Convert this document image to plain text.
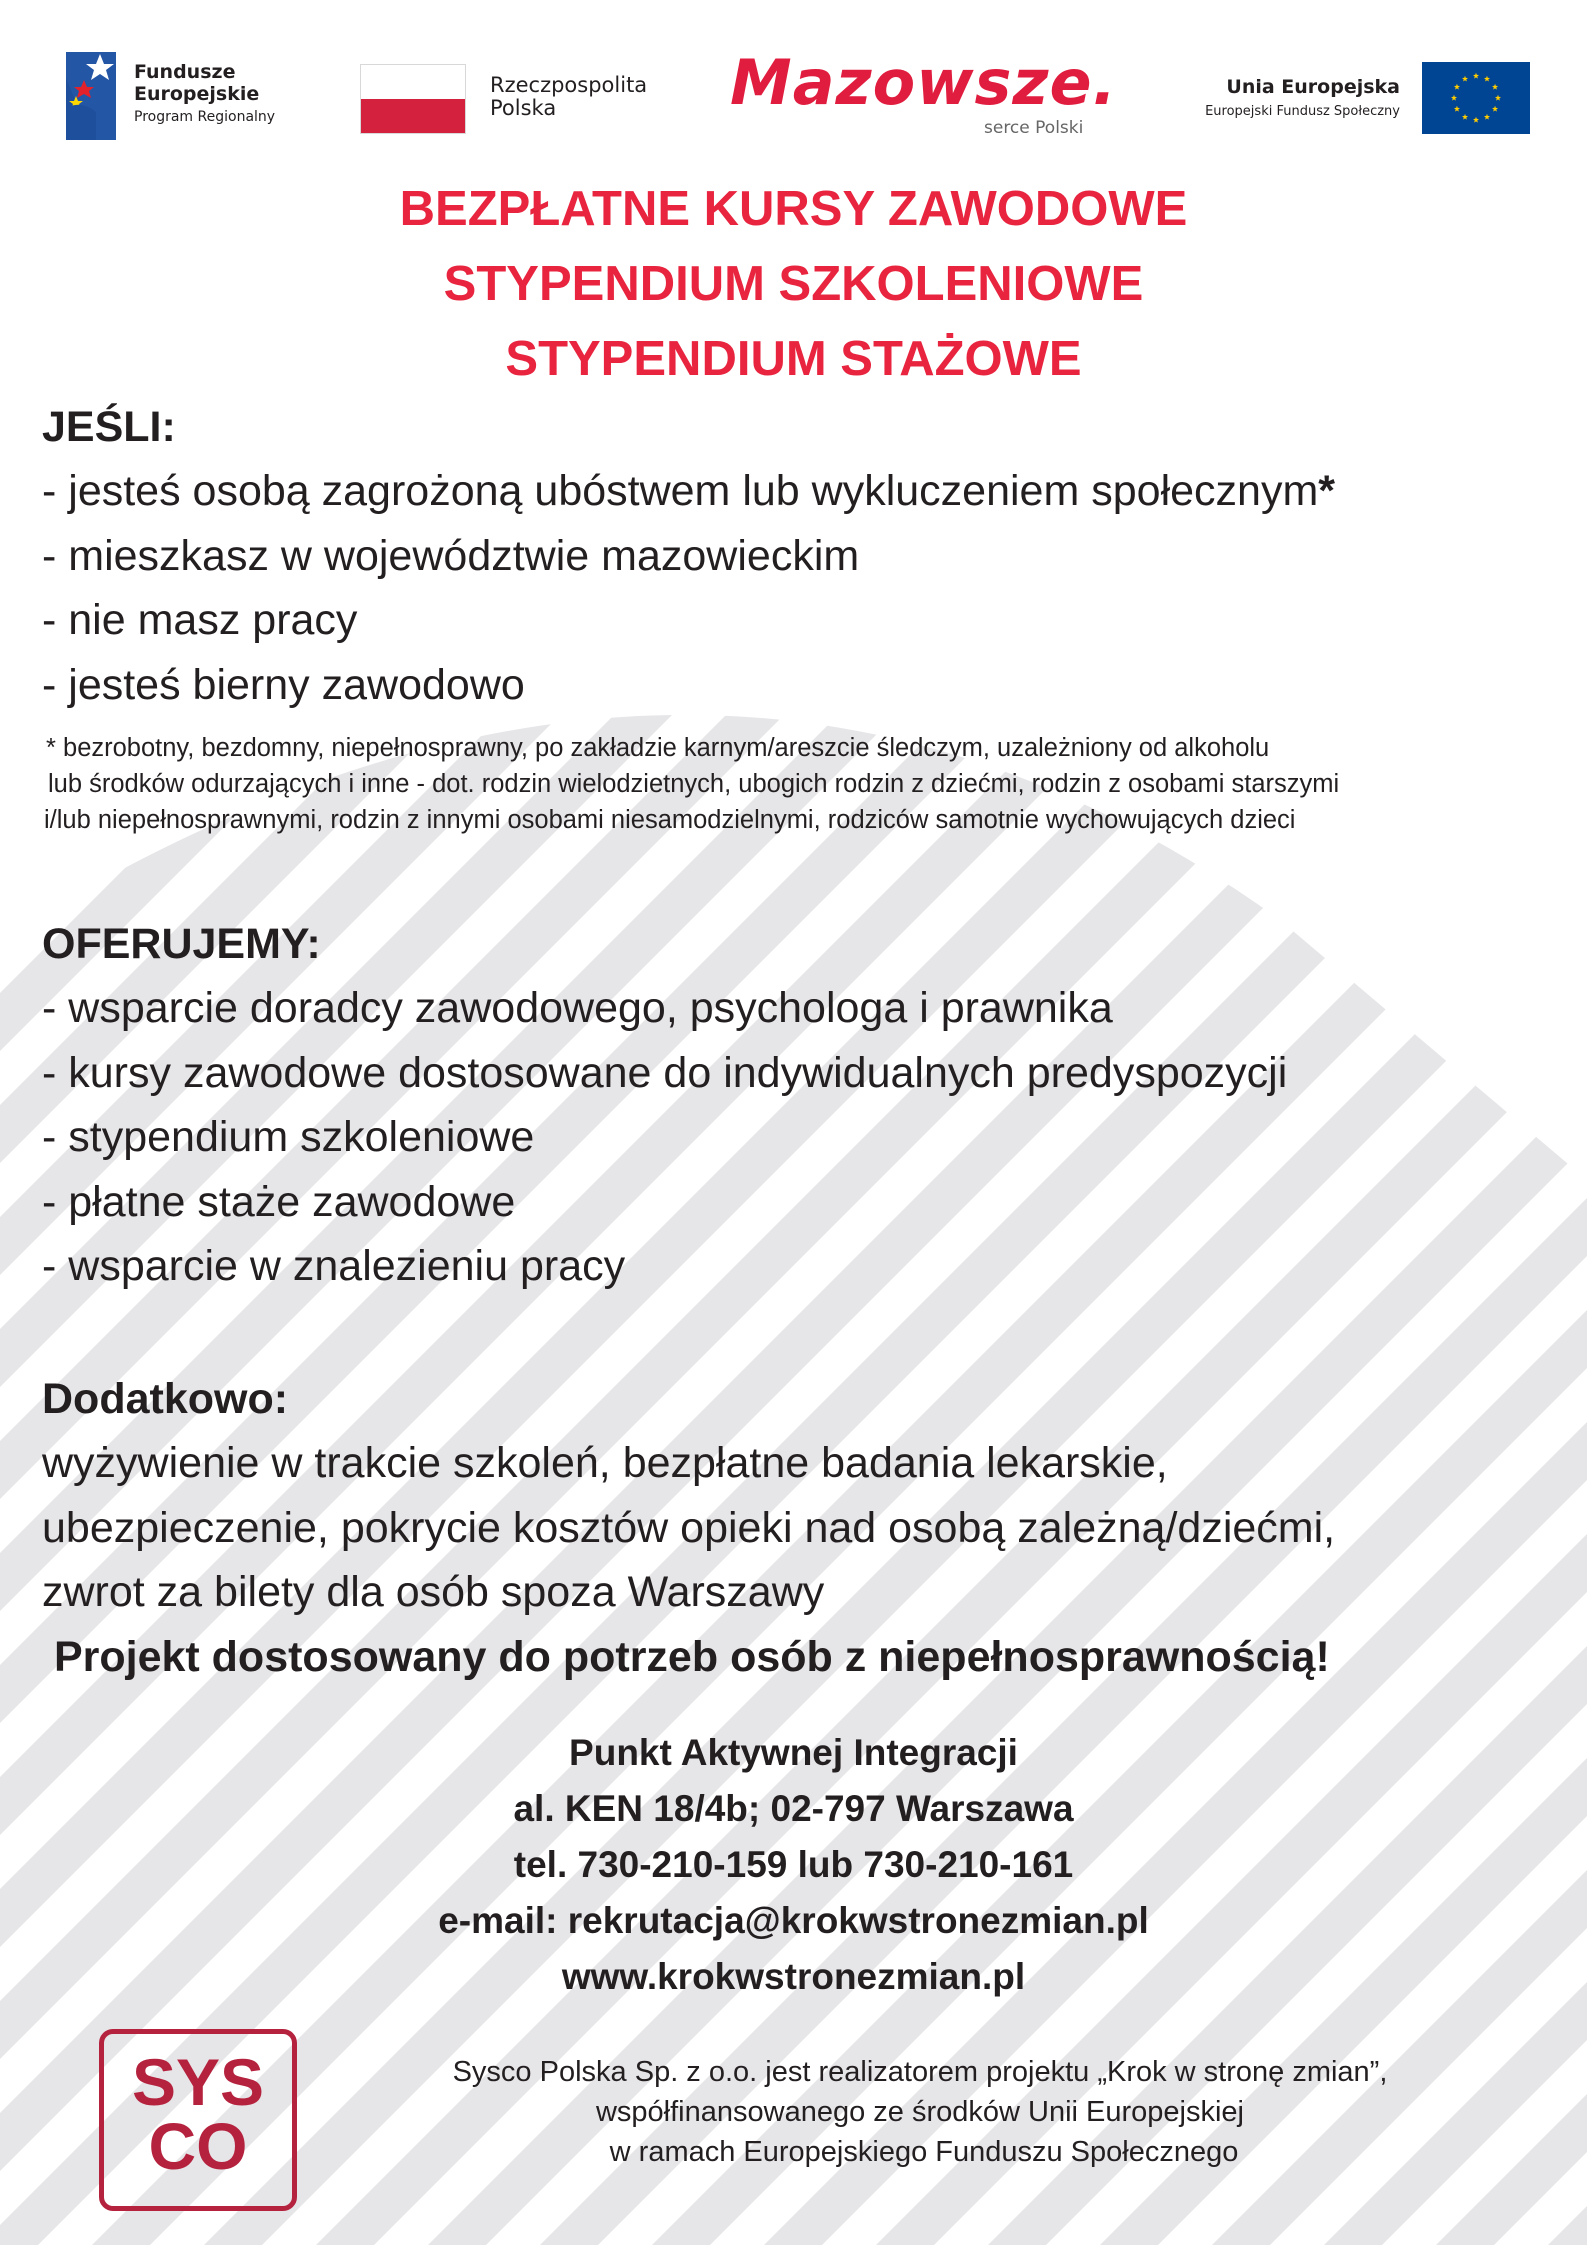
Fundusze
Europejskie
Program Regionalny
Rzeczpospolita
Polska	Mazowsze.
serce Polski
Unia Europejska
Europejski Fundusz Społeczny
BEZPŁATNE KURSY ZAWODOWE
STYPENDIUM SZKOLENIOWE
STYPENDIUM STAŻOWE
JEŚLI:
- jesteś osobą zagrożoną ubóstwem lub wykluczeniem społecznym*
- mieszkasz w województwie mazowieckim
- nie masz pracy
- jesteś bierny zawodowo
* bezrobotny, bezdomny, niepełnosprawny, po zakładzie karnym/areszcie śledczym, uzależniony od alkoholu
lub środków odurzających i inne - dot. rodzin wielodzietnych, ubogich rodzin z dziećmi, rodzin z osobami starszymi
i/lub niepełnosprawnymi, rodzin z innymi osobami niesamodzielnymi, rodziców samotnie wychowujących dzieci
OFERUJEMY:
- wsparcie doradcy zawodowego, psychologa i prawnika
- kursy zawodowe dostosowane do indywidualnych predyspozycji
- stypendium szkoleniowe
- płatne staże zawodowe
- wsparcie w znalezieniu pracy
Dodatkowo:
wyżywienie w trakcie szkoleń, bezpłatne badania lekarskie,
ubezpieczenie, pokrycie kosztów opieki nad osobą zależną/dziećmi,
zwrot za bilety dla osób spoza Warszawy
Projekt dostosowany do potrzeb osób z niepełnosprawnością!
Punkt Aktywnej Integracji
al. KEN 18/4b; 02-797 Warszawa
tel. 730-210-159 lub 730-210-161
e-mail: rekrutacja@krokwstronezmian.pl
www.krokwstronezmian.pl
SYS
CO
Sysco Polska Sp. z o.o. jest realizatorem projektu „Krok w stronę zmian”,
współfinansowanego ze środków Unii Europejskiej
w ramach Europejskiego Funduszu Społecznego
